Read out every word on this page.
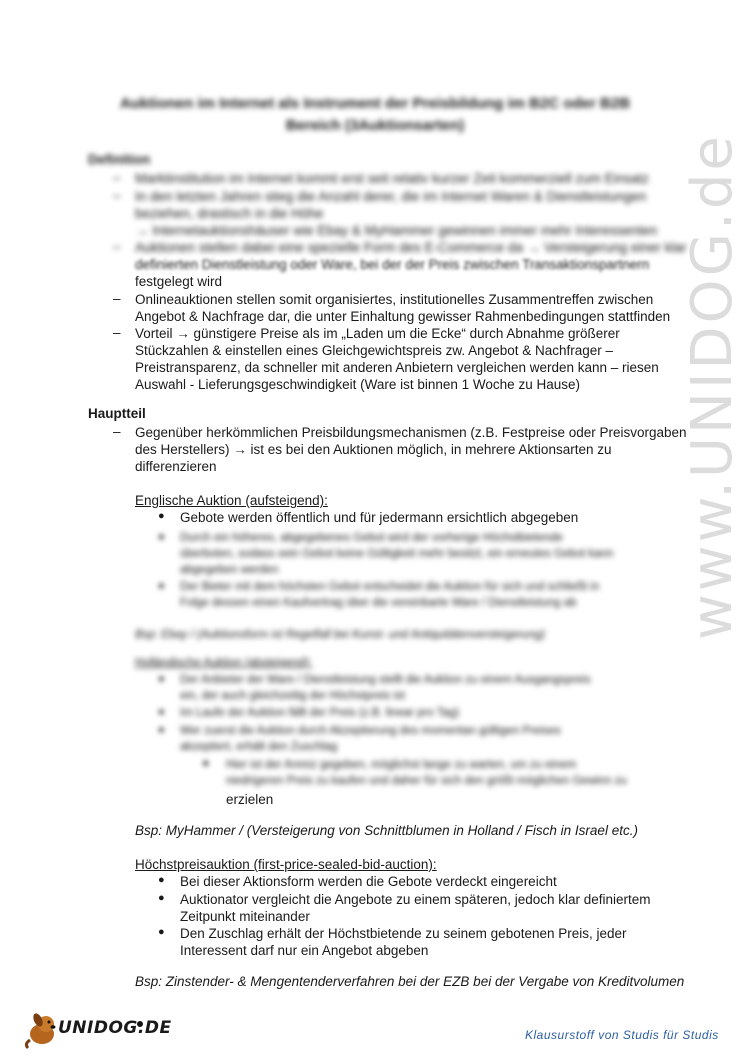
www.UNIDOG.de
Auktionen im Internet als Instrument der Preisbildung im B2C oder B2B
Bereich (3Auktionsarten)
Definition
– Marktinstitution im Internet kommt erst seit relativ kurzer Zeit kommerziell zum Einsatz
– In den letzten Jahren stieg die Anzahl derer, die im Internet Waren & Dienstleistungen
beziehen, drastisch in die Höhe
→ Internetauktionshäuser wie Ebay & MyHammer gewinnen immer mehr Interessenten
– Auktionen stellen dabei eine spezielle Form des E-Commerce da → Versteigerung einer klar
definierten Dienstleistung oder Ware, bei der der Preis zwischen Transaktionspartnern
festgelegt wird
– Onlineauktionen stellen somit organisiertes, institutionelles Zusammentreffen zwischen
Angebot & Nachfrage dar, die unter Einhaltung gewisser Rahmenbedingungen stattfinden
– Vorteil → günstigere Preise als im „Laden um die Ecke“ durch Abnahme größerer
Stückzahlen & einstellen eines Gleichgewichtspreis zw. Angebot & Nachfrager –
Preistransparenz, da schneller mit anderen Anbietern vergleichen werden kann – riesen
Auswahl - Lieferungsgeschwindigkeit (Ware ist binnen 1 Woche zu Hause)
Hauptteil
– Gegenüber herkömmlichen Preisbildungsmechanismen (z.B. Festpreise oder Preisvorgaben
des Herstellers) → ist es bei den Auktionen möglich, in mehrere Aktionsarten zu
differenzieren
Englische Auktion (aufsteigend):
● Gebote werden öffentlich und für jedermann ersichtlich abgegeben
● Durch ein höheres, abgegebenes Gebot wird der vorherige Höchstbietende
überboten, sodass sein Gebot keine Gültigkeit mehr besitzt, ein erneutes Gebot kann
abgegeben werden
● Der Bieter mit dem höchsten Gebot entscheidet die Auktion für sich und schließt in
Folge dessen einen Kaufvertrag über die vereinbarte Ware / Dienstleistung ab
Bsp: Ebay / (Auktionsform ist Regelfall bei Kunst- und Antiquitätenversteigerung)
Holländische Auktion (absteigend):
● Der Anbieter der Ware / Dienstleistung stellt die Auktion zu einem Ausgangspreis
ein, der auch gleichzeitig der Höchstpreis ist
● Im Laufe der Auktion fällt der Preis (z.B. linear pro Tag)
● Wer zuerst die Auktion durch Akzeptierung des momentan gültigen Preises
akzeptiert, erhält den Zuschlag
■ Hier ist der Anreiz gegeben, möglichst lange zu warten, um zu einem
niedrigeren Preis zu kaufen und daher für sich den größt möglichen Gewinn zu
erzielen
Bsp: MyHammer / (Versteigerung von Schnittblumen in Holland / Fisch in Israel etc.)
Höchstpreisauktion (first-price-sealed-bid-auction):
● Bei dieser Aktionsform werden die Gebote verdeckt eingereicht
● Auktionator vergleicht die Angebote zu einem späteren, jedoch klar definiertem
Zeitpunkt miteinander
● Den Zuschlag erhält der Höchstbietende zu seinem gebotenen Preis, jeder
Interessent darf nur ein Angebot abgeben
Bsp: Zinstender- & Mengentenderverfahren bei der EZB bei der Vergabe von Kreditvolumen
UNIDOG.DE	Klausurstoff von Studis für Studis
